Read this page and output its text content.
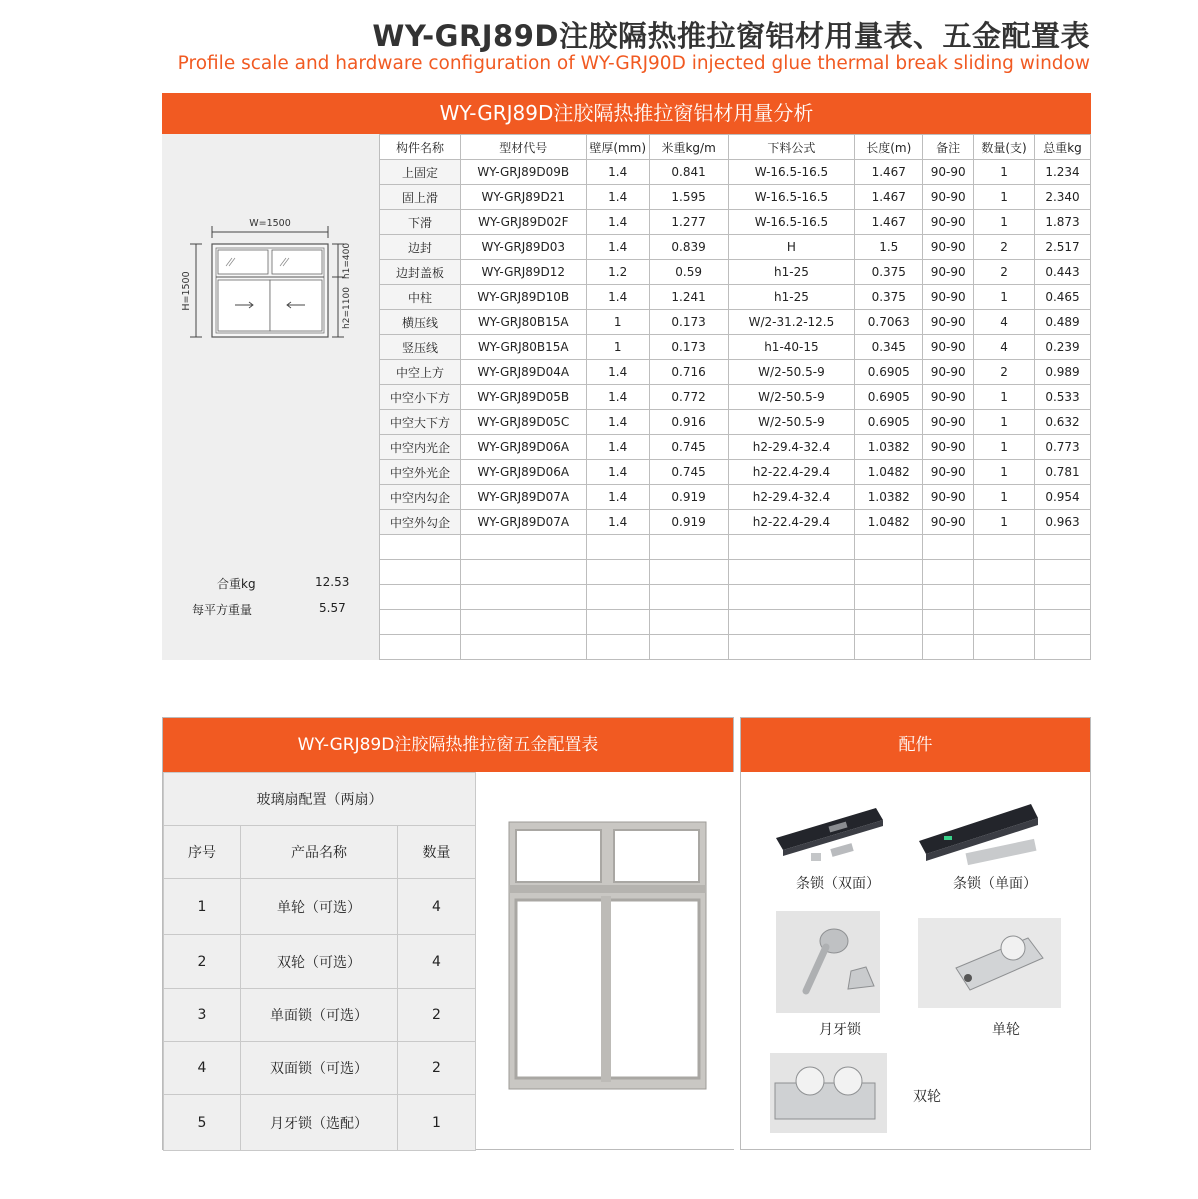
WY-GRJ89D注胶隔热推拉窗铝材用量表、五金配置表
Profile scale and hardware configuration of WY-GRJ90D injected glue thermal break sliding window
WY-GRJ89D注胶隔热推拉窗铝材用量分析
W=1500
H=1500
h1=400
h2=1100
合重kg	12.53
每平方重量	5.57
构件名称	型材代号	壁厚(mm)	米重kg/m	下料公式	长度(m)	备注	数量(支)	总重kg
上固定	WY-GRJ89D09B	1.4	0.841	W-16.5-16.5	1.467	90-90	1	1.234
固上滑	WY-GRJ89D21	1.4	1.595	W-16.5-16.5	1.467	90-90	1	2.340
下滑	WY-GRJ89D02F	1.4	1.277	W-16.5-16.5	1.467	90-90	1	1.873
边封	WY-GRJ89D03	1.4	0.839	H	1.5	90-90	2	2.517
边封盖板	WY-GRJ89D12	1.2	0.59	h1-25	0.375	90-90	2	0.443
中柱	WY-GRJ89D10B	1.4	1.241	h1-25	0.375	90-90	1	0.465
横压线	WY-GRJ80B15A	1	0.173	W/2-31.2-12.5	0.7063	90-90	4	0.489
竖压线	WY-GRJ80B15A	1	0.173	h1-40-15	0.345	90-90	4	0.239
中空上方	WY-GRJ89D04A	1.4	0.716	W/2-50.5-9	0.6905	90-90	2	0.989
中空小下方	WY-GRJ89D05B	1.4	0.772	W/2-50.5-9	0.6905	90-90	1	0.533
中空大下方	WY-GRJ89D05C	1.4	0.916	W/2-50.5-9	0.6905	90-90	1	0.632
中空内光企	WY-GRJ89D06A	1.4	0.745	h2-29.4-32.4	1.0382	90-90	1	0.773
中空外光企	WY-GRJ89D06A	1.4	0.745	h2-22.4-29.4	1.0482	90-90	1	0.781
中空内勾企	WY-GRJ89D07A	1.4	0.919	h2-29.4-32.4	1.0382	90-90	1	0.954
中空外勾企	WY-GRJ89D07A	1.4	0.919	h2-22.4-29.4	1.0482	90-90	1	0.963

WY-GRJ89D注胶隔热推拉窗五金配置表
玻璃扇配置（两扇）		
序号	产品名称	数量
1	单轮（可选）	4
2	双轮（可选）	4
3	单面锁（可选）	2
4	双面锁（可选）	2
5	月牙锁（选配）	1
配件
条锁（双面）	条锁（单面）
月牙锁	单轮
双轮
